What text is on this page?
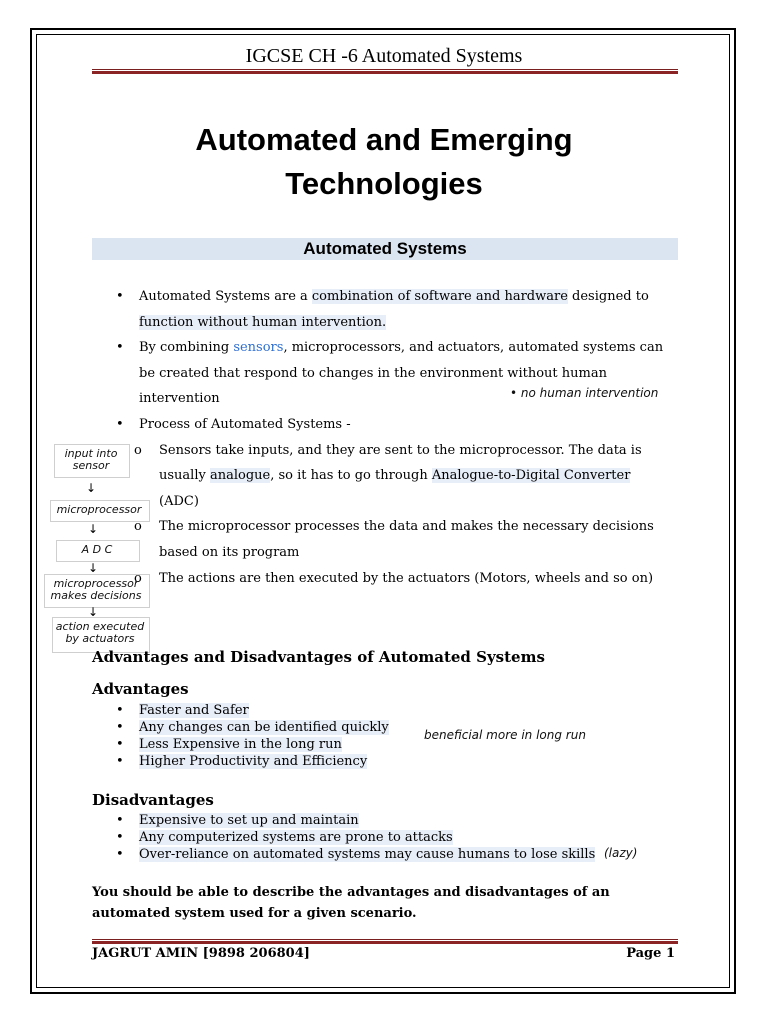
IGCSE CH -6 Automated Systems
Automated and Emerging
Technologies
Automated Systems
• Automated Systems are a combination of software and hardware designed to
function without human intervention.
• By combining sensors, microprocessors, and actuators, automated systems can be created that respond to changes in the environment without human intervention
• Process of Automated Systems -
o Sensors take inputs, and they are sent to the microprocessor. The data is usually analogue, so it has to go through Analogue-to-Digital Converter (ADC)
o The microprocessor processes the data and makes the necessary decisions based on its program
o The actions are then executed by the actuators (Motors, wheels and so on)
input into sensor
↓
microprocessor
↓
A D C
↓
microprocessor makes decisions
↓
action executed by actuators
• no human intervention
Advantages and Disadvantages of Automated Systems
Advantages
• Faster and Safer
• Any changes can be identified quickly
• Less Expensive in the long run
• Higher Productivity and Efficiency
beneficial more in long run
Disadvantages
• Expensive to set up and maintain
• Any computerized systems are prone to attacks
• Over-reliance on automated systems may cause humans to lose skills (lazy)
You should be able to describe the advantages and disadvantages of an automated system used for a given scenario.
JAGRUT AMIN [9898 206804]	Page 1
